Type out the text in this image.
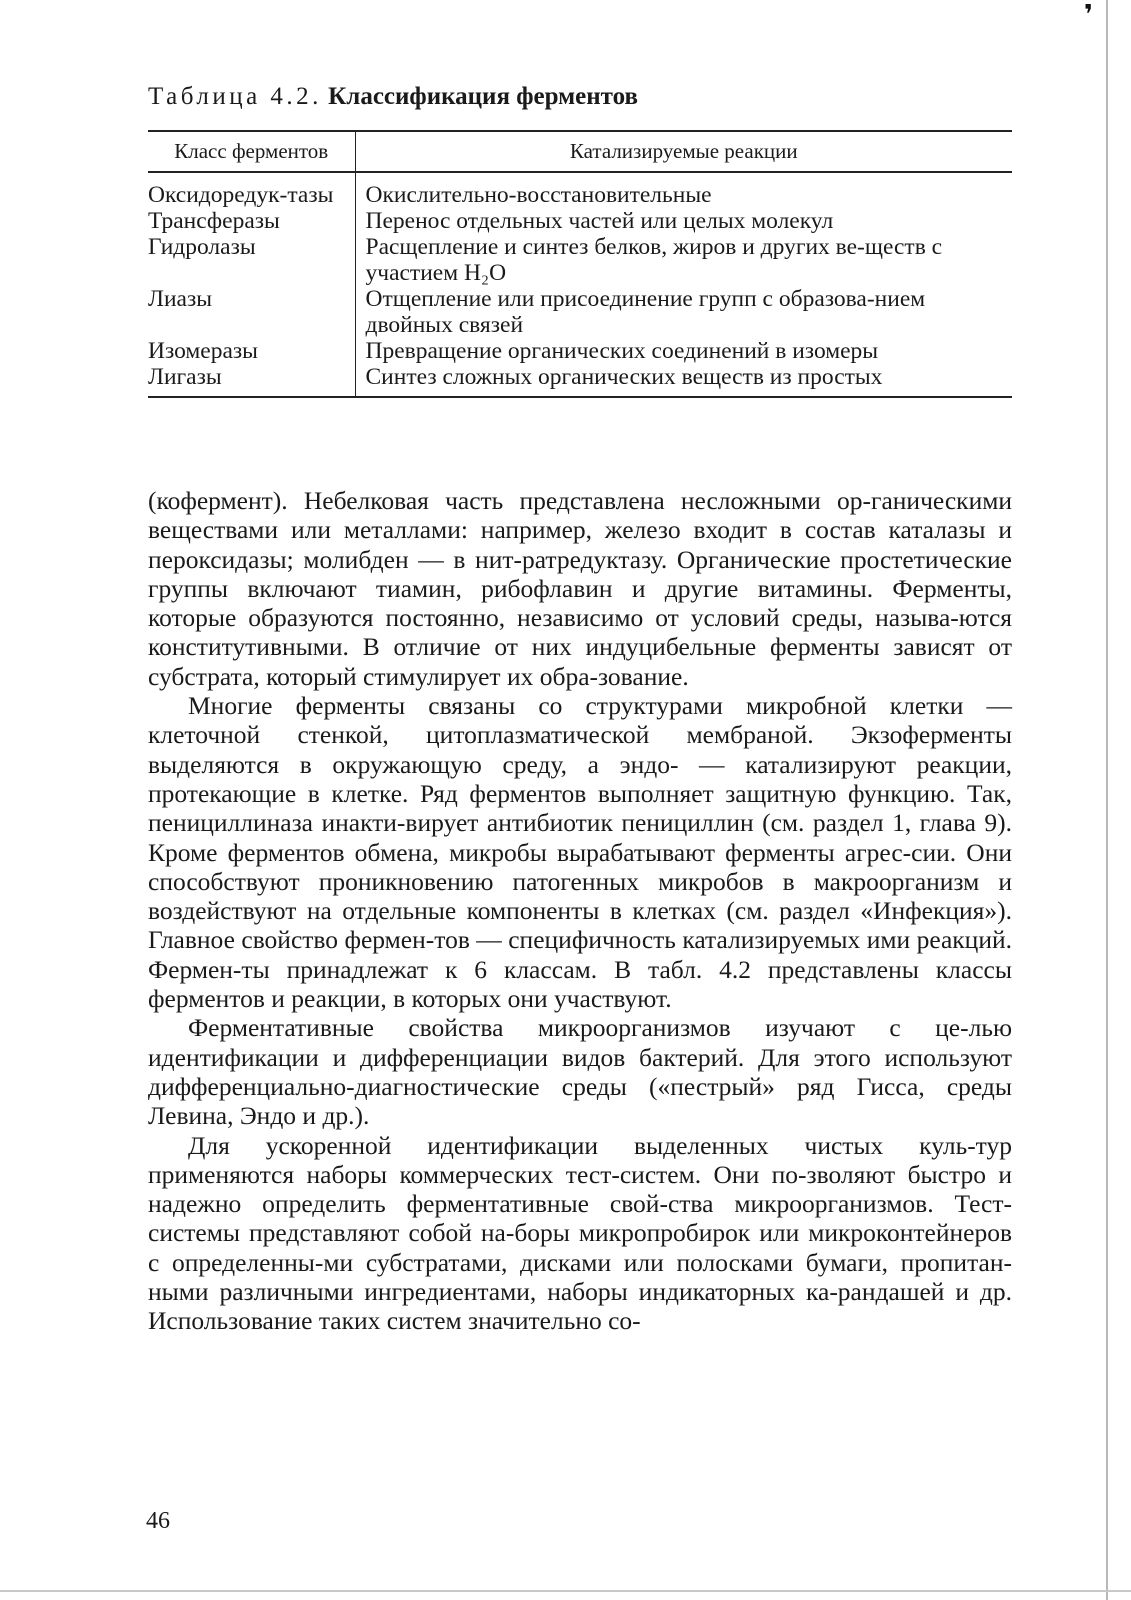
❜
Таблица 4.2. Классификация ферментов
Класс ферментов	Катализируемые реакции
Оксидоредук-тазы	Окислительно-восстановительные
Трансферазы	Перенос отдельных частей или целых молекул
Гидролазы	Расщепление и синтез белков, жиров и других ве-ществ с участием H₂O
Лиазы	Отщепление или присоединение групп с образова-нием двойных связей
Изомеразы	Превращение органических соединений в изомеры
Лигазы	Синтез сложных органических веществ из простых

(кофермент). Небелковая часть представлена несложными ор-ганическими веществами или металлами: например, железо входит в состав каталазы и пероксидазы; молибден — в нит-ратредуктазу. Органические простетические группы включают тиамин, рибофлавин и другие витамины. Ферменты, которые образуются постоянно, независимо от условий среды, называ-ются конститутивными. В отличие от них индуцибельные ферменты зависят от субстрата, который стимулирует их обра-зование.

Многие ферменты связаны со структурами микробной клетки — клеточной стенкой, цитоплазматической мембраной. Экзоферменты выделяются в окружающую среду, а эндо- — катализируют реакции, протекающие в клетке. Ряд ферментов выполняет защитную функцию. Так, пенициллиназа инакти-вирует антибиотик пенициллин (см. раздел 1, глава 9). Кроме ферментов обмена, микробы вырабатывают ферменты агрес-сии. Они способствуют проникновению патогенных микробов в макроорганизм и воздействуют на отдельные компоненты в клетках (см. раздел «Инфекция»). Главное свойство фермен-тов — специфичность катализируемых ими реакций. Фермен-ты принадлежат к 6 классам. В табл. 4.2 представлены классы ферментов и реакции, в которых они участвуют.

Ферментативные свойства микроорганизмов изучают с це-лью идентификации и дифференциации видов бактерий. Для этого используют дифференциально-диагностические среды («пестрый» ряд Гисса, среды Левина, Эндо и др.).

Для ускоренной идентификации выделенных чистых куль-тур применяются наборы коммерческих тест-систем. Они по-зволяют быстро и надежно определить ферментативные свой-ства микроорганизмов. Тест-системы представляют собой на-боры микропробирок или микроконтейнеров с определенны-ми субстратами, дисками или полосками бумаги, пропитан-ными различными ингредиентами, наборы индикаторных ка-рандашей и др. Использование таких систем значительно со-

46
